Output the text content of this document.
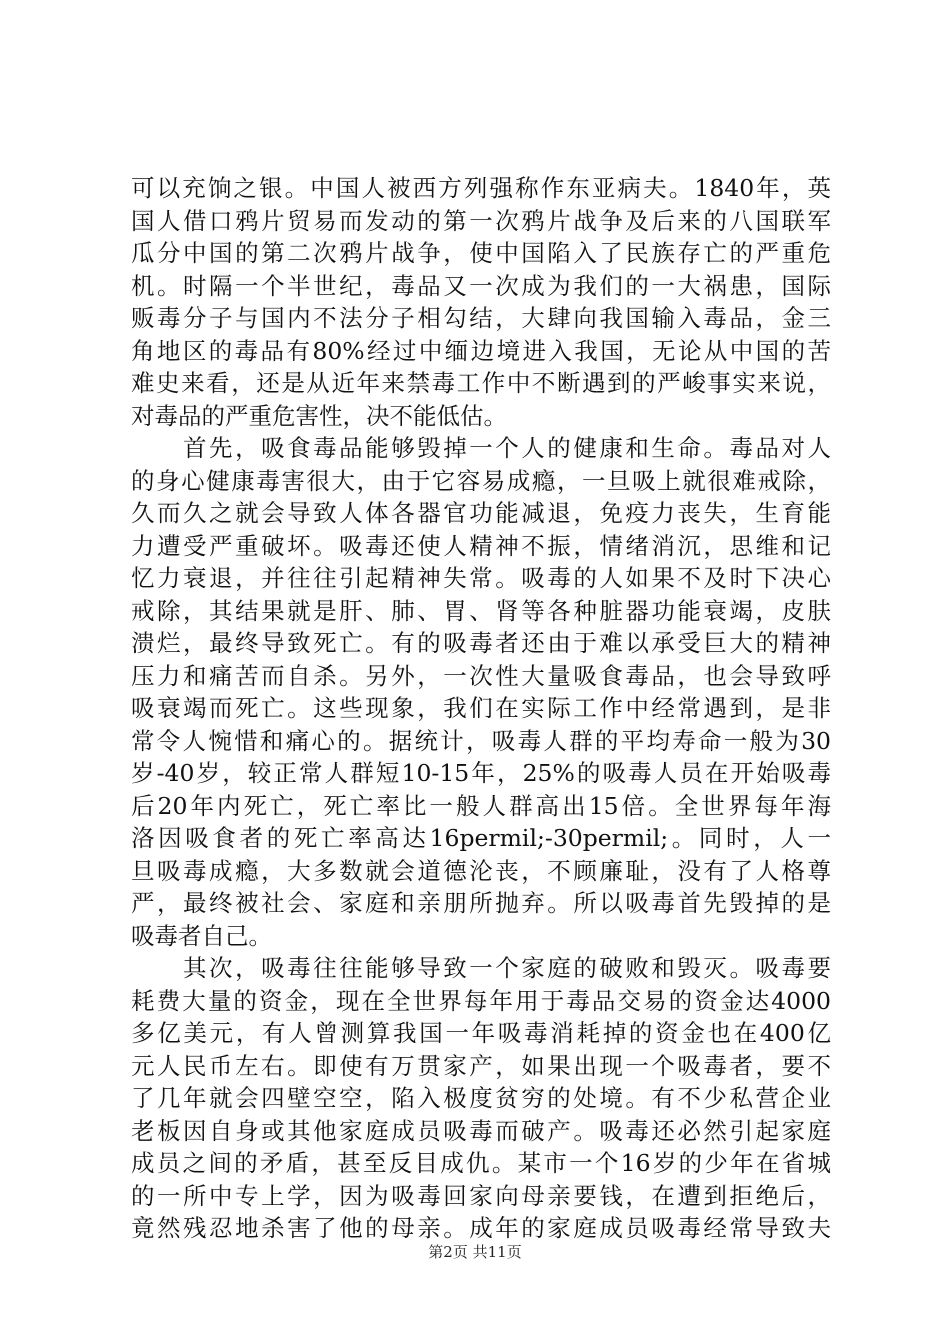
可以充饷之银。中国人被西方列强称作东亚病夫。1840年，英
国人借口鸦片贸易而发动的第一次鸦片战争及后来的八国联军
瓜分中国的第二次鸦片战争，使中国陷入了民族存亡的严重危
机。时隔一个半世纪，毒品又一次成为我们的一大祸患，国际
贩毒分子与国内不法分子相勾结，大肆向我国输入毒品，金三
角地区的毒品有80%经过中缅边境进入我国，无论从中国的苦
难史来看，还是从近年来禁毒工作中不断遇到的严峻事实来说，
对毒品的严重危害性，决不能低估。
　　首先，吸食毒品能够毁掉一个人的健康和生命。毒品对人
的身心健康毒害很大，由于它容易成瘾，一旦吸上就很难戒除，
久而久之就会导致人体各器官功能减退，免疫力丧失，生育能
力遭受严重破坏。吸毒还使人精神不振，情绪消沉，思维和记
忆力衰退，并往往引起精神失常。吸毒的人如果不及时下决心
戒除，其结果就是肝、肺、胃、肾等各种脏器功能衰竭，皮肤
溃烂，最终导致死亡。有的吸毒者还由于难以承受巨大的精神
压力和痛苦而自杀。另外，一次性大量吸食毒品，也会导致呼
吸衰竭而死亡。这些现象，我们在实际工作中经常遇到，是非
常令人惋惜和痛心的。据统计，吸毒人群的平均寿命一般为30
岁-40岁，较正常人群短10-15年，25%的吸毒人员在开始吸毒
后20年内死亡，死亡率比一般人群高出15倍。全世界每年海
洛因吸食者的死亡率高达16permil;-30permil;。同时，人一
旦吸毒成瘾，大多数就会道德沦丧，不顾廉耻，没有了人格尊
严，最终被社会、家庭和亲朋所抛弃。所以吸毒首先毁掉的是
吸毒者自己。
　　其次，吸毒往往能够导致一个家庭的破败和毁灭。吸毒要
耗费大量的资金，现在全世界每年用于毒品交易的资金达4000
多亿美元，有人曾测算我国一年吸毒消耗掉的资金也在400亿
元人民币左右。即使有万贯家产，如果出现一个吸毒者，要不
了几年就会四壁空空，陷入极度贫穷的处境。有不少私营企业
老板因自身或其他家庭成员吸毒而破产。吸毒还必然引起家庭
成员之间的矛盾，甚至反目成仇。某市一个16岁的少年在省城
的一所中专上学，因为吸毒回家向母亲要钱，在遭到拒绝后，
竟然残忍地杀害了他的母亲。成年的家庭成员吸毒经常导致夫
第2页 共11页
